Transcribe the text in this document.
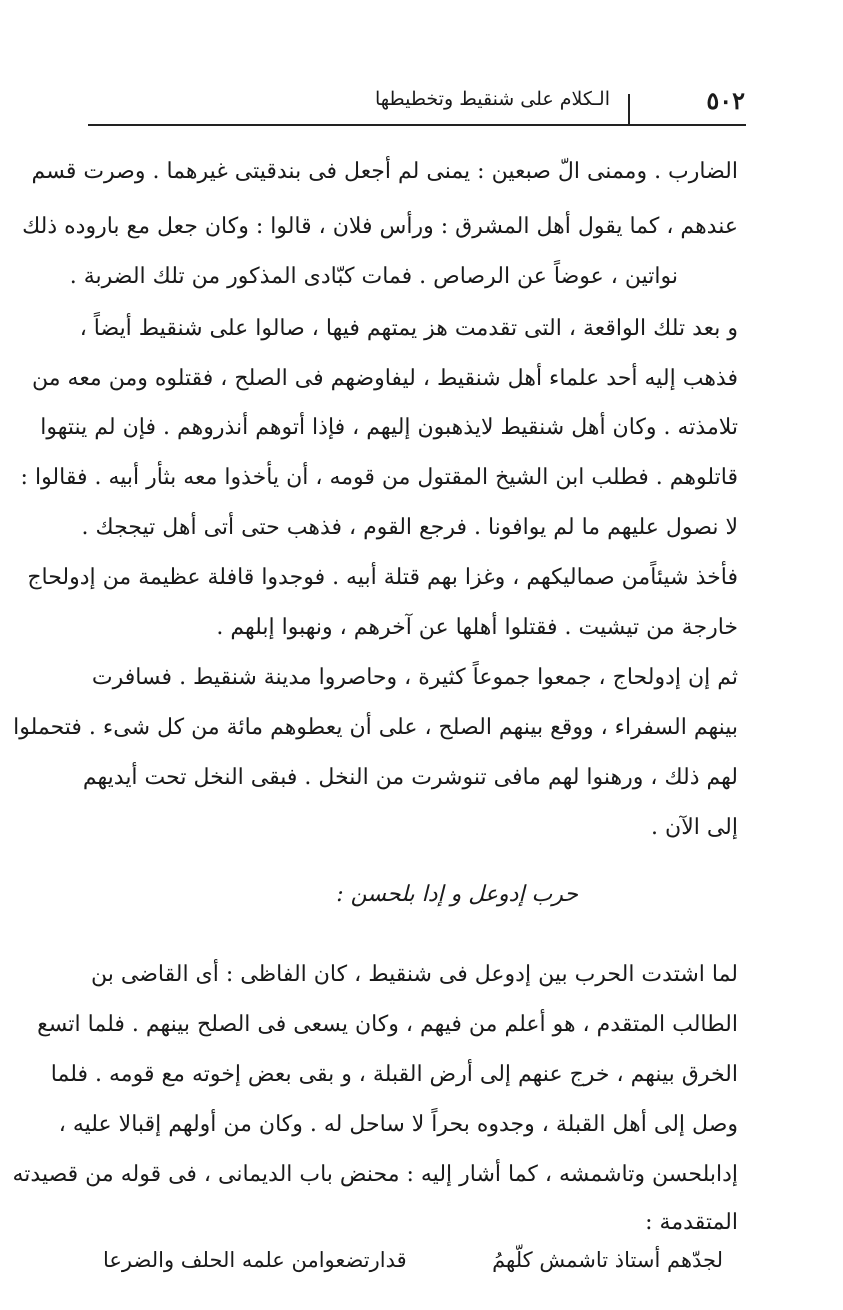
٥٠٢
الـكلام على شنقيط وتخطيطها
الضارب . وممنى الّ صبعين : يمنى لم أجعل فى بندقيتى غيرهما . وصرت قسم
عندهم ، كما يقول أهل المشرق : ورأس فلان ، قالوا : وكان جعل مع باروده ذلك
نواتين ، عوضاً عن الرصاص . فمات كبّادى المذكور من تلك الضربة .
و بعد تلك الواقعة ، التى تقدمت هز يمتهم فيها ، صالوا على شنقيط أيضاً ،
فذهب إليه أحد علماء أهل شنقيط ، ليفاوضهم فى الصلح ، فقتلوه ومن معه من
تلامذته . وكان أهل شنقيط لايذهبون إليهم ، فإذا أتوهم أنذروهم . فإن لم ينتهوا
قاتلوهم . فطلب ابن الشيخ المقتول من قومه ، أن يأخذوا معه بثأر أبيه . فقالوا :
لا نصول عليهم ما لم يوافونا . فرجع القوم ، فذهب حتى أتى أهل تيججك .
فأخذ شيئاًمن صماليكهم ، وغزا بهم قتلة أبيه . فوجدوا قافلة عظيمة من إدولحاج
خارجة من تيشيت . فقتلوا أهلها عن آخرهم ، ونهبوا إبلهم .
ثم إن إدولحاج ، جمعوا جموعاً كثيرة ، وحاصروا مدينة شنقيط . فسافرت
بينهم السفراء ، ووقع بينهم الصلح ، على أن يعطوهم مائة من كل شىء . فتحملوا
لهم ذلك ، ورهنوا لهم مافى تنوشرت من النخل . فبقى النخل تحت أيديهم
إلى الآن .
حرب إدوعل و إدا بلحسن :
لما اشتدت الحرب بين إدوعل فى شنقيط ، كان الفاظى : أى القاضى بن
الطالب المتقدم ، هو أعلم من فيهم ، وكان يسعى فى الصلح بينهم . فلما اتسع
الخرق بينهم ، خرج عنهم إلى أرض القبلة ، و بقى بعض إخوته مع قومه . فلما
وصل إلى أهل القبلة ، وجدوه بحراً لا ساحل له . وكان من أولهم إقبالا عليه ،
إدابلحسن وتاشمشه ، كما أشار إليه : محنض باب الديمانى ، فى قوله من قصيدته
المتقدمة :
لجدّهم أستاذ تاشمش كلّهمُ
قدارتضعوامن علمه الحلف والضرعا
